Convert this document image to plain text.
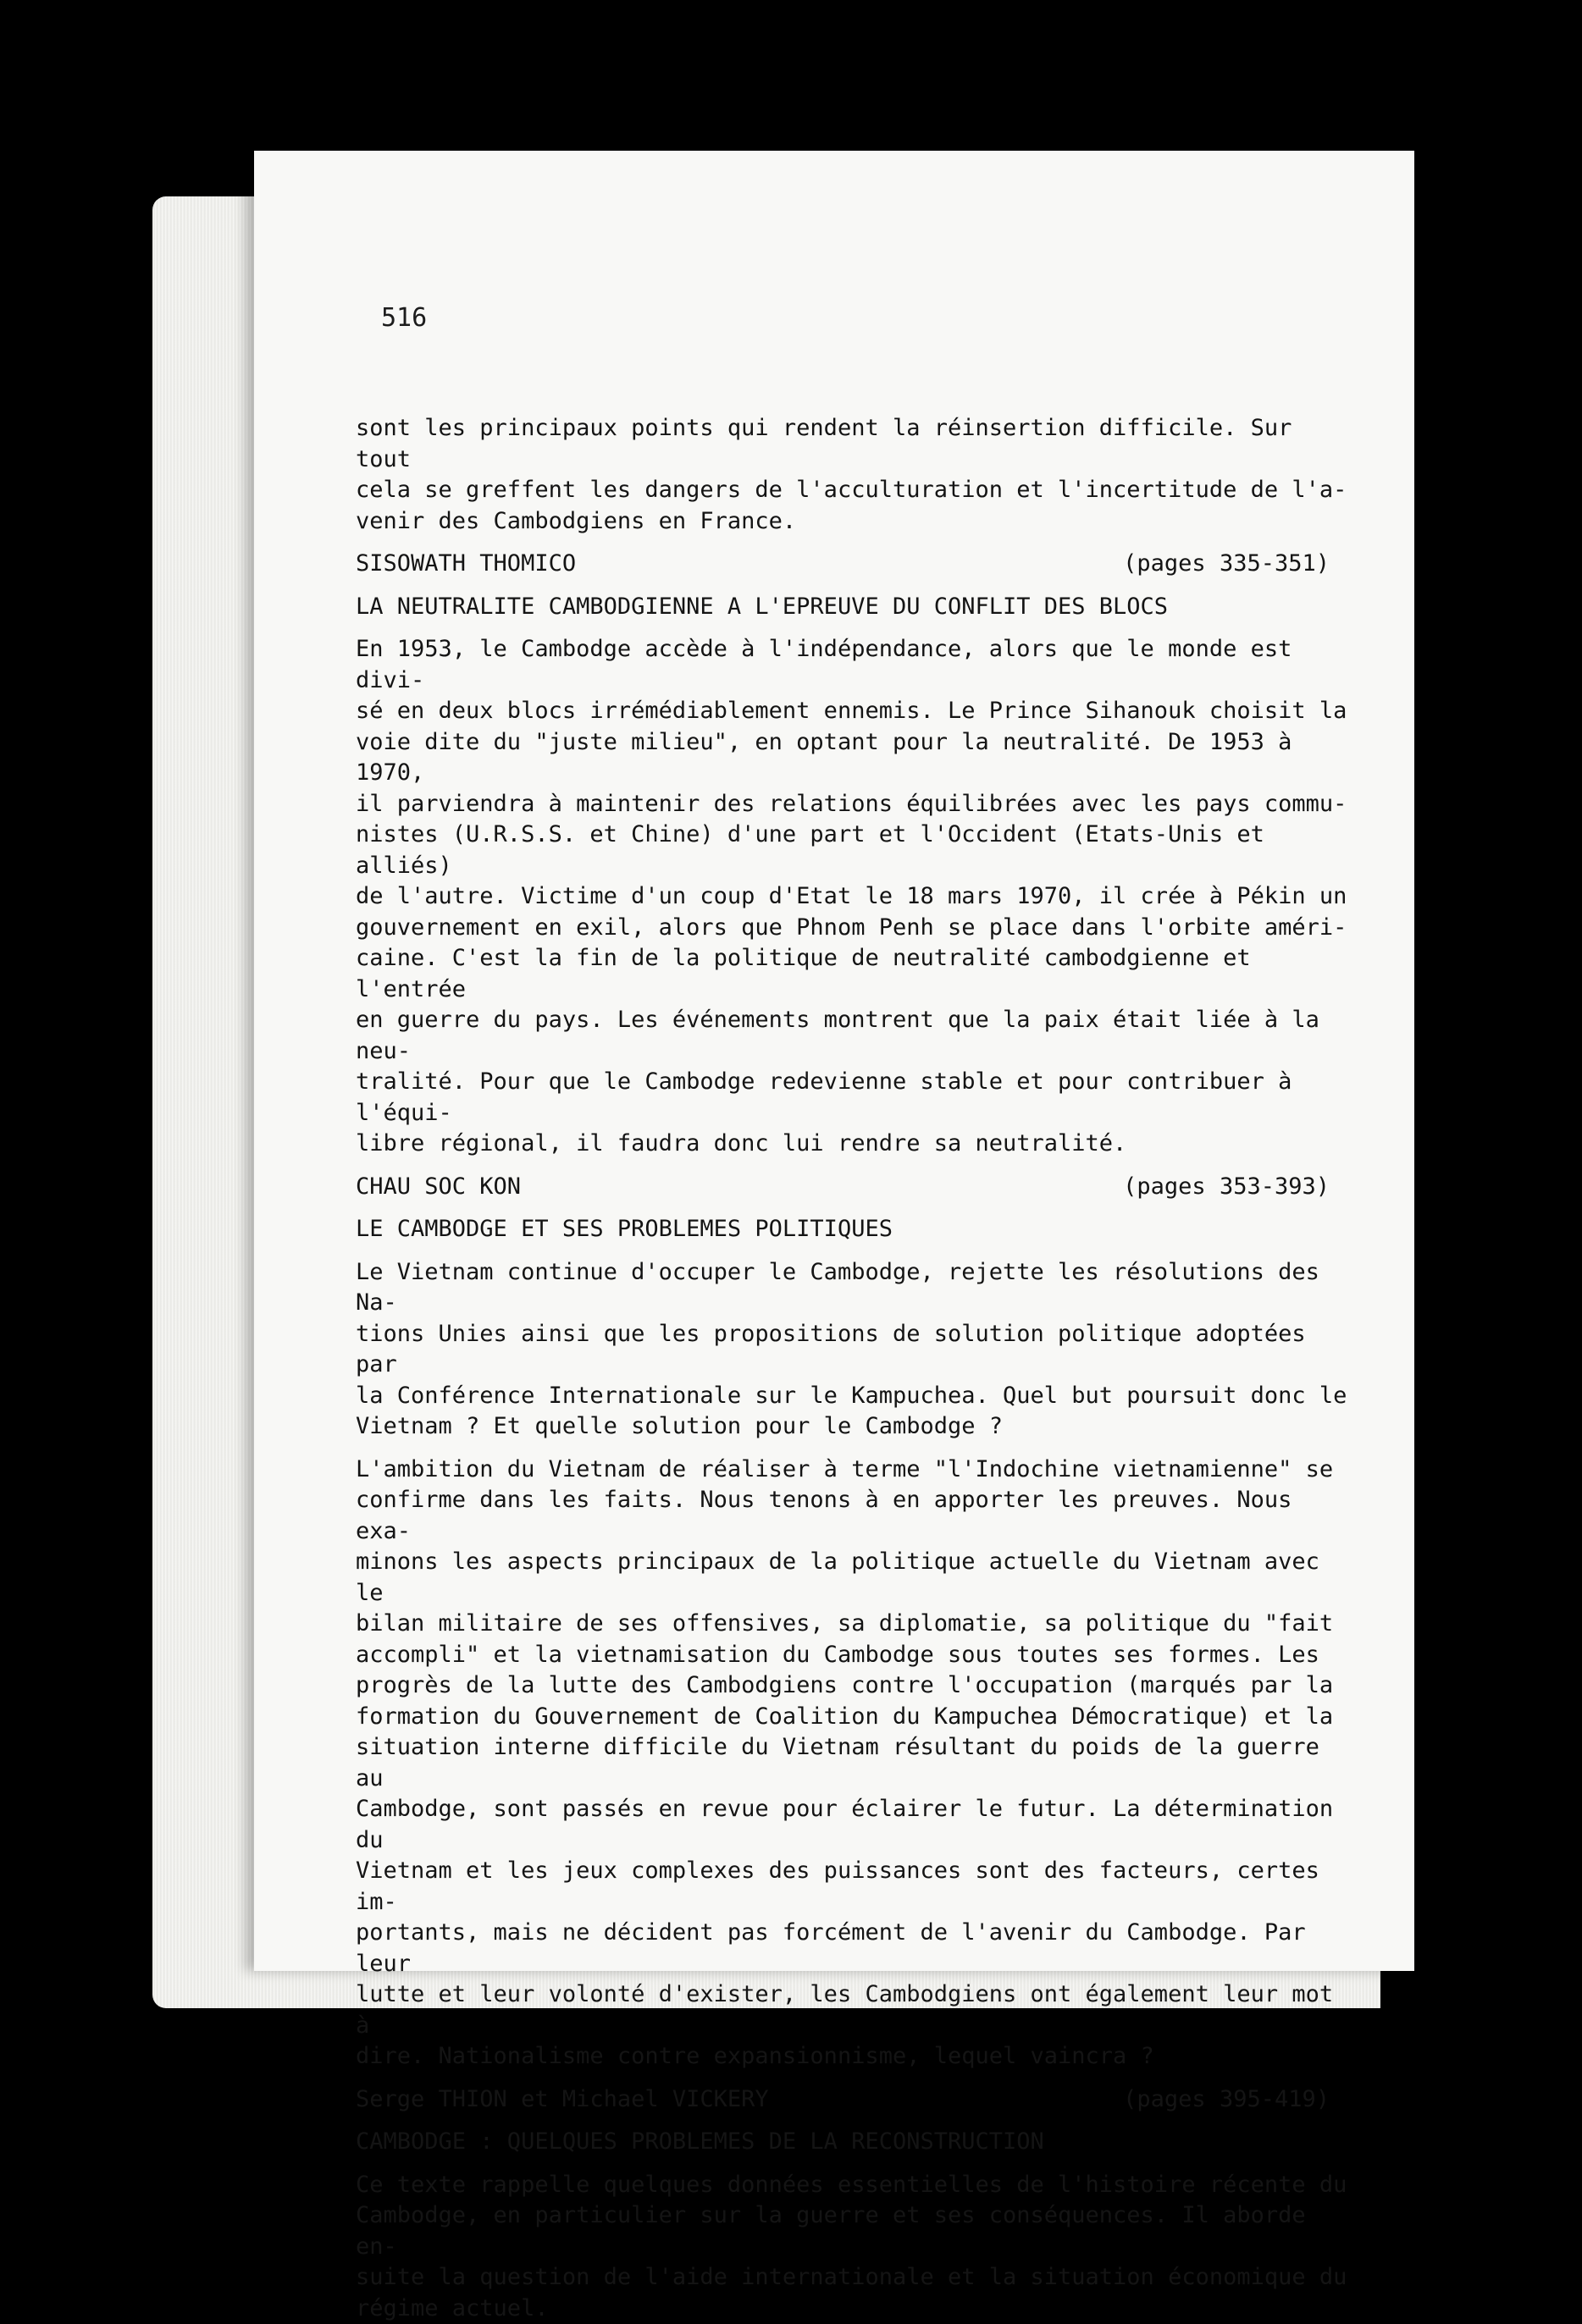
516

sont les principaux points qui rendent la réinsertion difficile. Sur tout
cela se greffent les dangers de l'acculturation et l'incertitude de l'a-
venir des Cambodgiens en France.

SISOWATH THOMICO	(pages 335-351)

LA NEUTRALITE CAMBODGIENNE A L'EPREUVE DU CONFLIT DES BLOCS

En 1953, le Cambodge accède à l'indépendance, alors que le monde est divi-
sé en deux blocs irrémédiablement ennemis. Le Prince Sihanouk choisit la
voie dite du "juste milieu", en optant pour la neutralité. De 1953 à 1970,
il parviendra à maintenir des relations équilibrées avec les pays commu-
nistes (U.R.S.S. et Chine) d'une part et l'Occident (Etats-Unis et alliés)
de l'autre. Victime d'un coup d'Etat le 18 mars 1970, il crée à Pékin un
gouvernement en exil, alors que Phnom Penh se place dans l'orbite améri-
caine. C'est la fin de la politique de neutralité cambodgienne et l'entrée
en guerre du pays. Les événements montrent que la paix était liée à la neu-
tralité. Pour que le Cambodge redevienne stable et pour contribuer à l'équi-
libre régional, il faudra donc lui rendre sa neutralité.

CHAU SOC KON	(pages 353-393)

LE CAMBODGE ET SES PROBLEMES POLITIQUES

Le Vietnam continue d'occuper le Cambodge, rejette les résolutions des Na-
tions Unies ainsi que les propositions de solution politique adoptées par
la Conférence Internationale sur le Kampuchea. Quel but poursuit donc le
Vietnam ? Et quelle solution pour le Cambodge ?

L'ambition du Vietnam de réaliser à terme "l'Indochine vietnamienne" se
confirme dans les faits. Nous tenons à en apporter les preuves. Nous exa-
minons les aspects principaux de la politique actuelle du Vietnam avec le
bilan militaire de ses offensives, sa diplomatie, sa politique du "fait
accompli" et la vietnamisation du Cambodge sous toutes ses formes. Les
progrès de la lutte des Cambodgiens contre l'occupation (marqués par la
formation du Gouvernement de Coalition du Kampuchea Démocratique) et la
situation interne difficile du Vietnam résultant du poids de la guerre au
Cambodge, sont passés en revue pour éclairer le futur. La détermination du
Vietnam et les jeux complexes des puissances sont des facteurs, certes im-
portants, mais ne décident pas forcément de l'avenir du Cambodge. Par leur
lutte et leur volonté d'exister, les Cambodgiens ont également leur mot à
dire. Nationalisme contre expansionnisme, lequel vaincra ?

Serge THION et Michael VICKERY	(pages 395-419)

CAMBODGE : QUELQUES PROBLEMES DE LA RECONSTRUCTION

Ce texte rappelle quelques données essentielles de l'histoire récente du
Cambodge, en particulier sur la guerre et ses conséquences. Il aborde en-
suite la question de l'aide internationale et la situation économique du
régime actuel.
